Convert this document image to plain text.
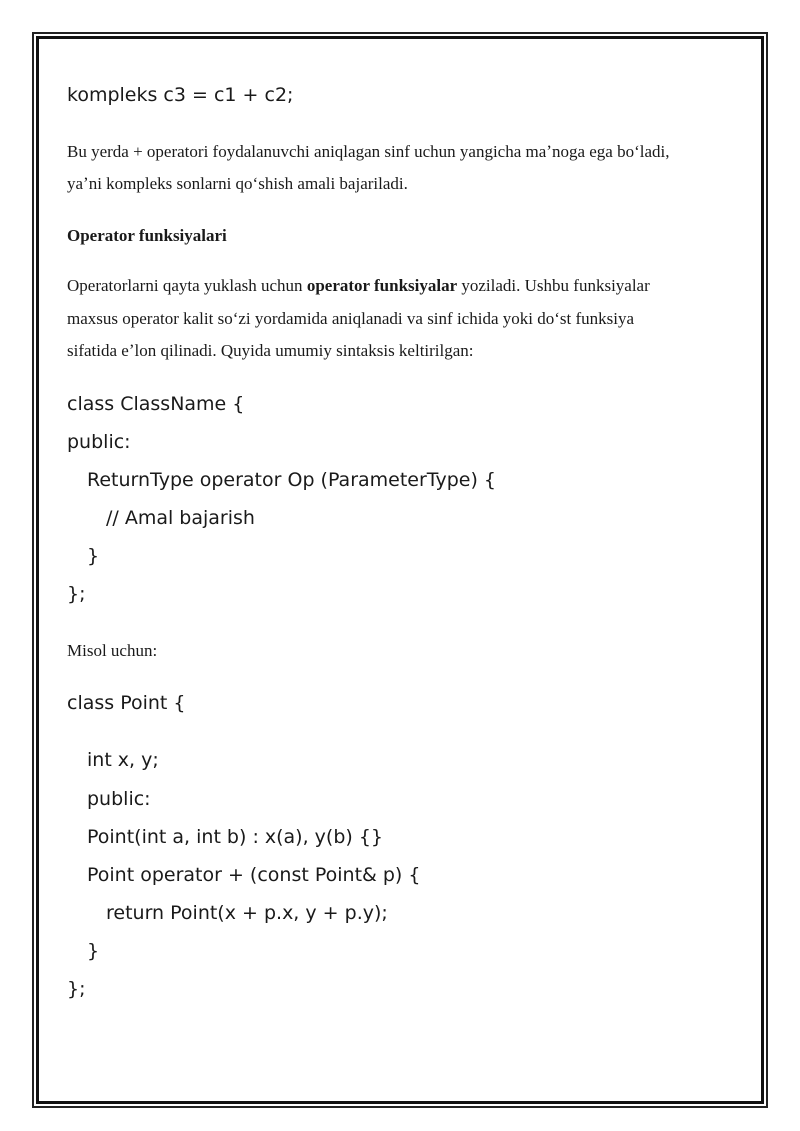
kompleks c3 = c1 + c2;
Bu yerda + operatori foydalanuvchi aniqlagan sinf uchun yangicha maʼnoga ega boʻladi,
yaʼni kompleks sonlarni qoʻshish amali bajariladi.
Operator funksiyalari
Operatorlarni qayta yuklash uchun operator funksiyalar yoziladi. Ushbu funksiyalar
maxsus operator kalit soʻzi yordamida aniqlanadi va sinf ichida yoki doʻst funksiya
sifatida eʼlon qilinadi. Quyida umumiy sintaksis keltirilgan:
class ClassName {
public:
ReturnType operator Op (ParameterType) {
// Amal bajarish
}
};
Misol uchun:
class Point {
int x, y;
public:
Point(int a, int b) : x(a), y(b) {}
Point operator + (const Point& p) {
return Point(x + p.x, y + p.y);
}
};
